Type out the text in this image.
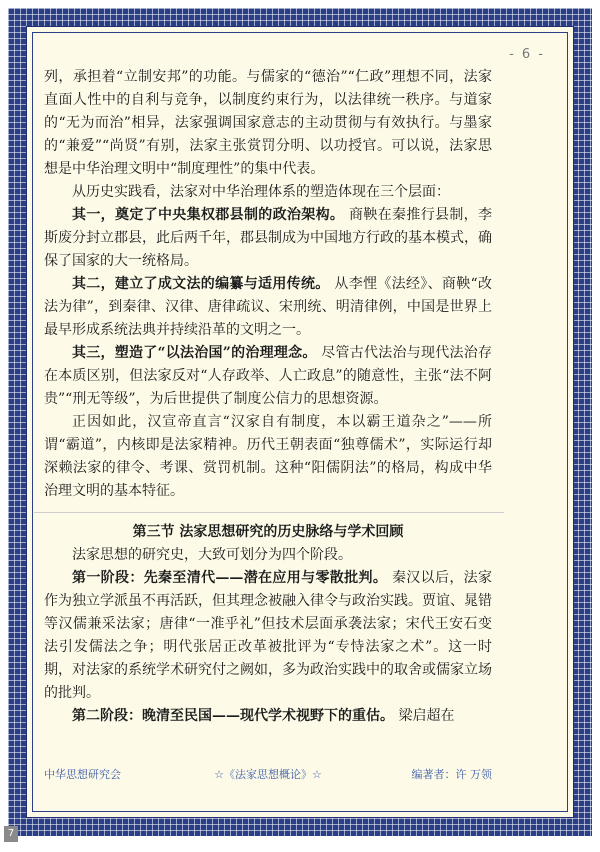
- 6 -

列，承担着“立制安邦”的功能。与儒家的“德治”“仁政”理想不同，法家直面人性中的自利与竞争，以制度约束行为，以法律统一秩序。与道家的“无为而治”相异，法家强调国家意志的主动贯彻与有效执行。与墨家的“兼爱”“尚贤”有别，法家主张赏罚分明、以功授官。可以说，法家思想是中华治理文明中“制度理性”的集中代表。

从历史实践看，法家对中华治理体系的塑造体现在三个层面：

其一，奠定了中央集权郡县制的政治架构。 商鞅在秦推行县制，李斯废分封立郡县，此后两千年，郡县制成为中国地方行政的基本模式，确保了国家的大一统格局。

其二，建立了成文法的编纂与适用传统。 从李悝《法经》、商鞅“改法为律”，到秦律、汉律、唐律疏议、宋刑统、明清律例，中国是世界上最早形成系统法典并持续沿革的文明之一。

其三，塑造了“以法治国”的治理理念。 尽管古代法治与现代法治存在本质区别，但法家反对“人存政举、人亡政息”的随意性，主张“法不阿贵”“刑无等级”，为后世提供了制度公信力的思想资源。

正因如此，汉宣帝直言“汉家自有制度，本以霸王道杂之”——所谓“霸道”，内核即是法家精神。历代王朝表面“独尊儒术”，实际运行却深赖法家的律令、考课、赏罚机制。这种“阳儒阴法”的格局，构成中华治理文明的基本特征。

第三节 法家思想研究的历史脉络与学术回顾

法家思想的研究史，大致可划分为四个阶段。

第一阶段：先秦至清代——潜在应用与零散批判。 秦汉以后，法家作为独立学派虽不再活跃，但其理念被融入律令与政治实践。贾谊、晁错等汉儒兼采法家；唐律“一准乎礼”但技术层面承袭法家；宋代王安石变法引发儒法之争；明代张居正改革被批评为“专恃法家之术”。这一时期，对法家的系统学术研究付之阙如，多为政治实践中的取舍或儒家立场的批判。

第二阶段：晚清至民国——现代学术视野下的重估。 梁启超在

中华思想研究会	☆《法家思想概论》☆	编著者：许 万领
7
